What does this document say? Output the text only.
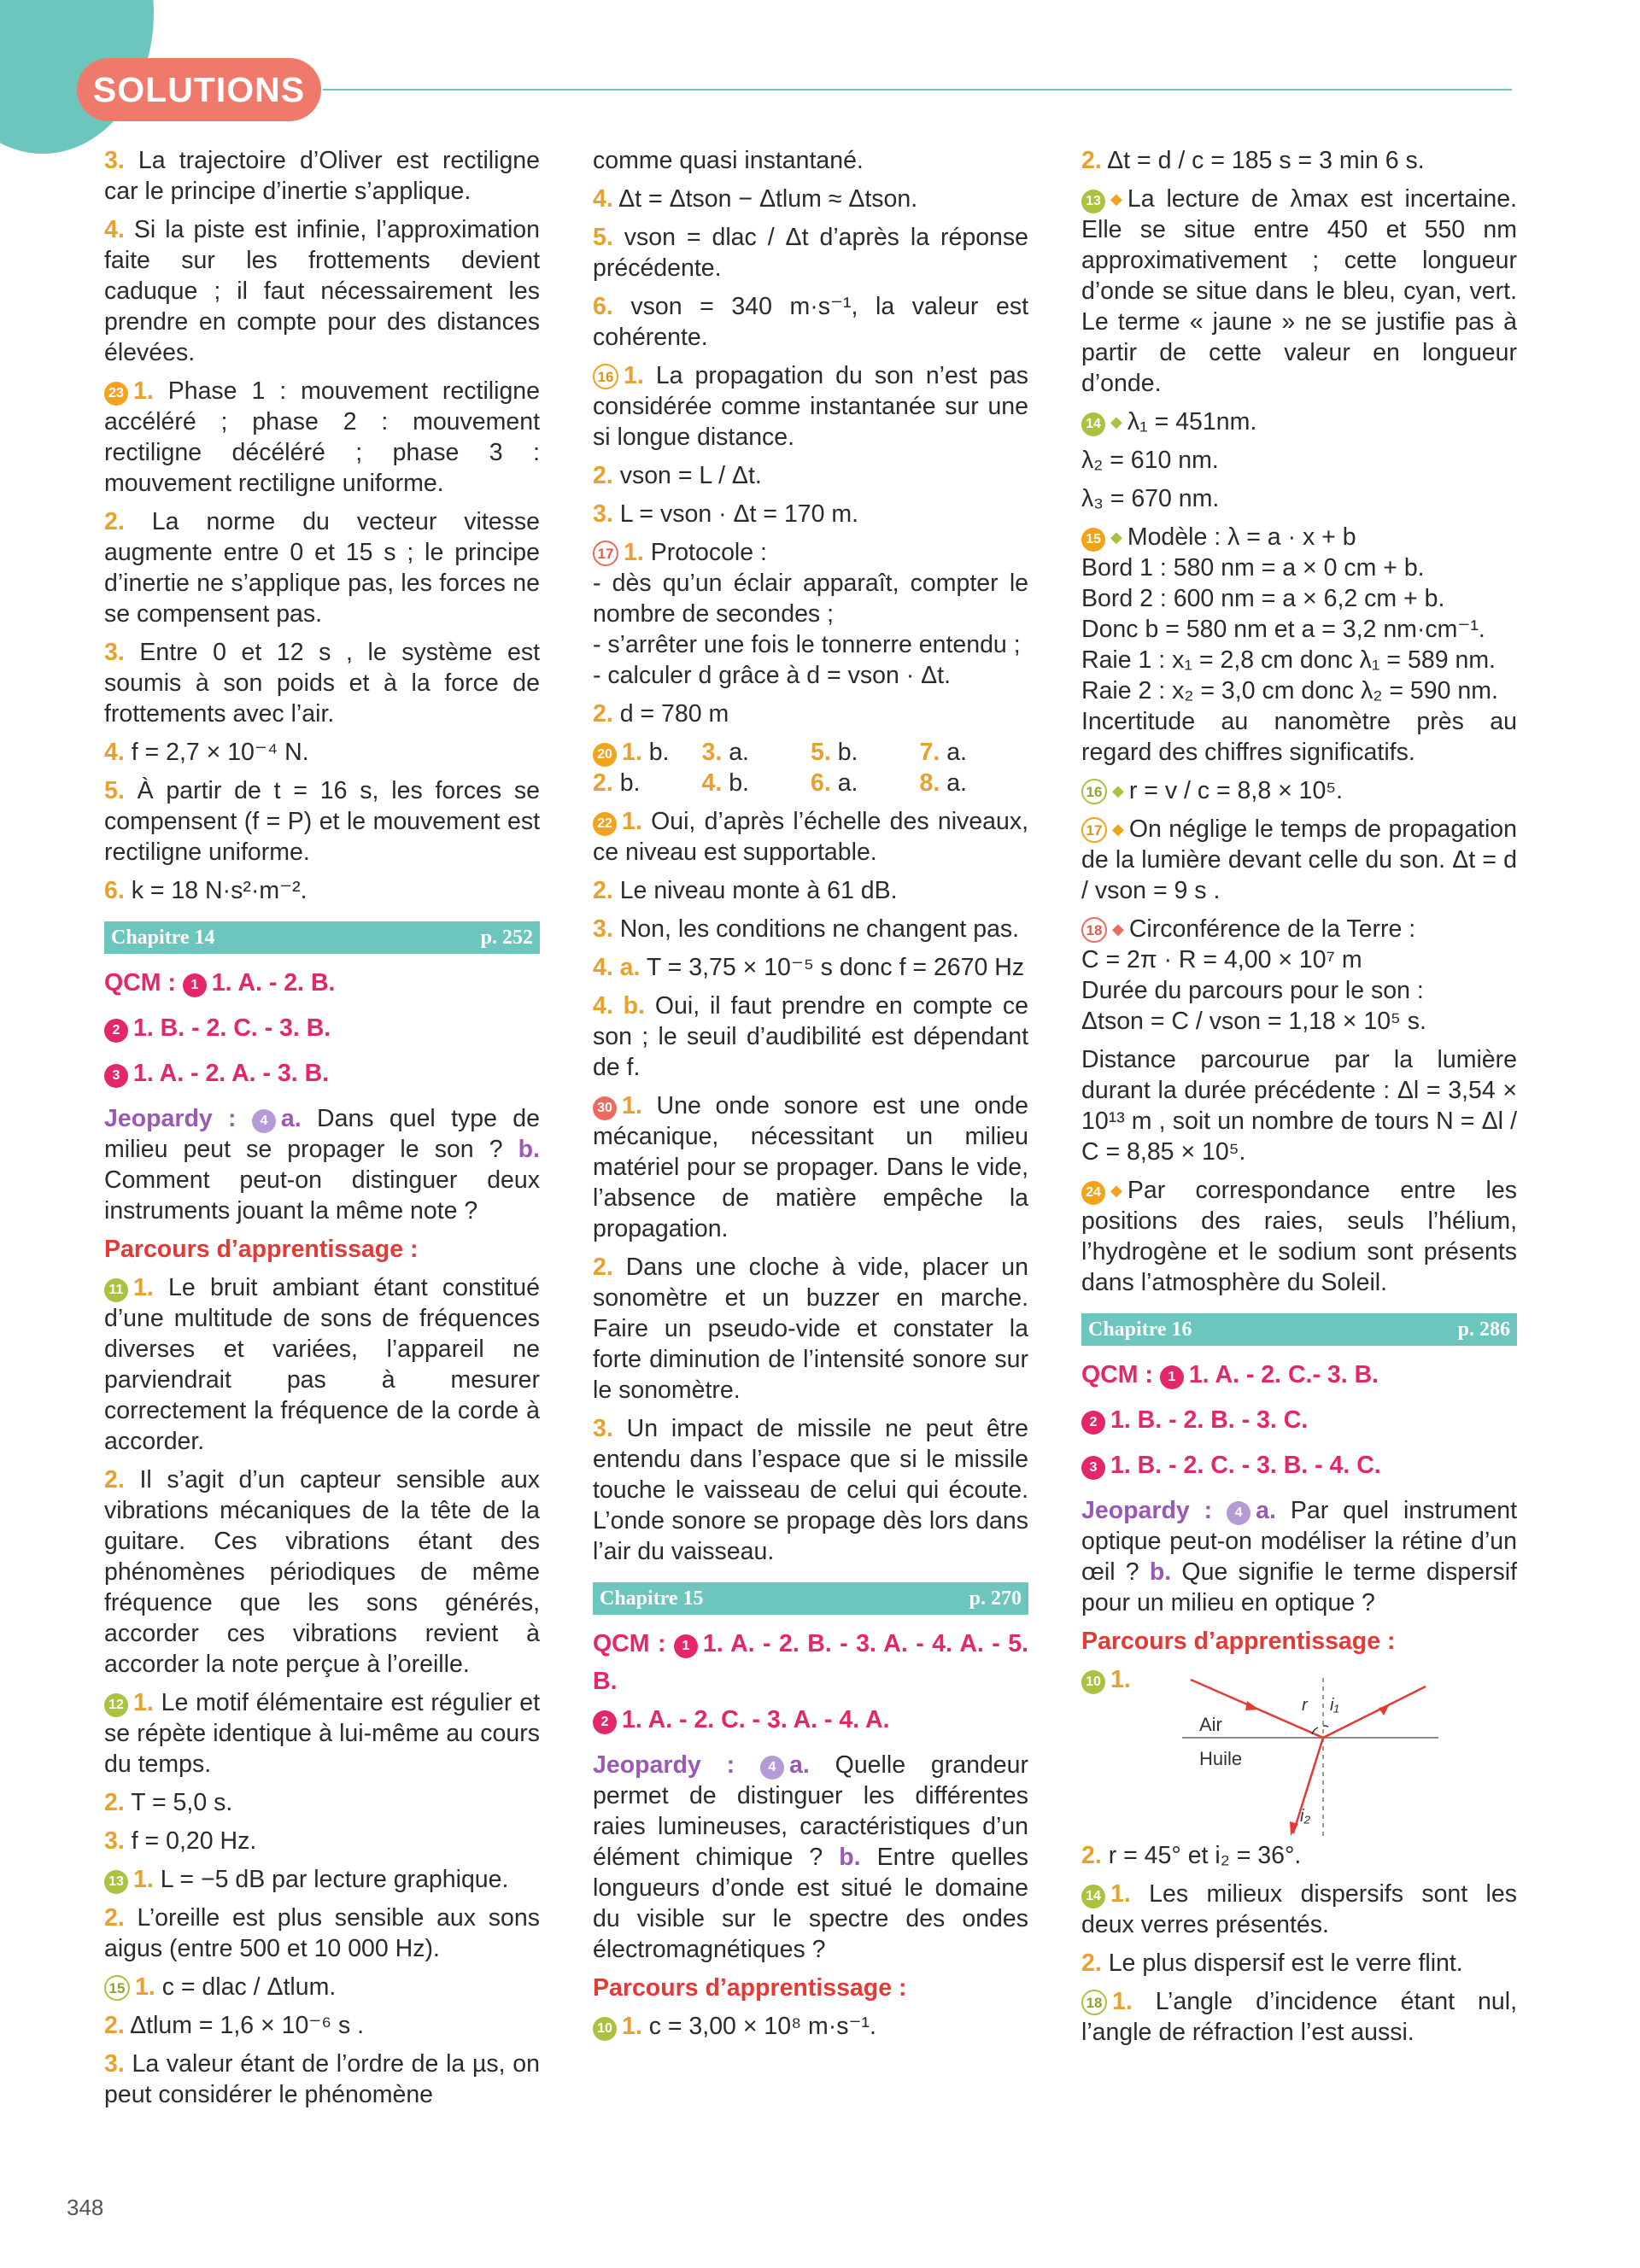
SOLUTIONS

3. La trajectoire d’Oliver est rectiligne car le principe d’inertie s’applique.

4. Si la piste est infinie, l’approximation faite sur les frottements devient caduque ; il faut nécessairement les prendre en compte pour des distances élevées.

23 1. Phase 1 : mouvement rectiligne accéléré ; phase 2 : mouvement rectiligne décéléré ; phase 3 : mouvement rectiligne uniforme.

2. La norme du vecteur vitesse augmente entre 0 et 15 s ; le principe d’inertie ne s’applique pas, les forces ne se compensent pas.

3. Entre 0 et 12 s , le système est soumis à son poids et à la force de frottements avec l’air.

4. f = 2,7 × 10⁻⁴ N.

5. À partir de t = 16 s, les forces se compensent (f = P) et le mouvement est rectiligne uniforme.

6. k = 18 N·s²·m⁻².

Chapitre 14	p. 252

QCM : 1 1. A. - 2. B.

2 1. B. - 2. C. - 3. B.

3 1. A. - 2. A. - 3. B.

Jeopardy : 4 a. Dans quel type de milieu peut se propager le son ? b. Comment peut-on distinguer deux instruments jouant la même note ?

Parcours d’apprentissage :

11 1. Le bruit ambiant étant constitué d’une multitude de sons de fréquences diverses et variées, l’appareil ne parviendrait pas à mesurer correctement la fréquence de la corde à accorder.

2. Il s’agit d’un capteur sensible aux vibrations mécaniques de la tête de la guitare. Ces vibrations étant des phénomènes périodiques de même fréquence que les sons générés, accorder ces vibrations revient à accorder la note perçue à l’oreille.

12 1. Le motif élémentaire est régulier et se répète identique à lui-même au cours du temps.

2. T = 5,0 s.

3. f = 0,20 Hz.

13 1. L = −5 dB par lecture graphique.

2. L’oreille est plus sensible aux sons aigus (entre 500 et 10 000 Hz).

15 1. c = dlac / Δtlum.

2. Δtlum = 1,6 × 10⁻⁶ s .

3. La valeur étant de l’ordre de la µs, on peut considérer le phénomène

comme quasi instantané.

4. Δt = Δtson − Δtlum ≈ Δtson.

5. vson = dlac / Δt d’après la réponse précédente.

6. vson = 340 m·s⁻¹, la valeur est cohérente.

16 1. La propagation du son n’est pas considérée comme instantanée sur une si longue distance.

2. vson = L / Δt.

3. L = vson · Δt = 170 m.

17 1. Protocole :

- dès qu’un éclair apparaît, compter le nombre de secondes ;

- s’arrêter une fois le tonnerre entendu ;

- calculer d grâce à d = vson · Δt.

2. d = 780 m

20 1. b.	3. a.	5. b.	7. a.
2. b.	4. b.	6. a.	8. a.

22 1. Oui, d’après l’échelle des niveaux, ce niveau est supportable.

2. Le niveau monte à 61 dB.

3. Non, les conditions ne changent pas.

4. a. T = 3,75 × 10⁻⁵ s donc f = 2670 Hz

4. b. Oui, il faut prendre en compte ce son ; le seuil d’audibilité est dépendant de f.

30 1. Une onde sonore est une onde mécanique, nécessitant un milieu matériel pour se propager. Dans le vide, l’absence de matière empêche la propagation.

2. Dans une cloche à vide, placer un sonomètre et un buzzer en marche. Faire un pseudo-vide et constater la forte diminution de l’intensité sonore sur le sonomètre.

3. Un impact de missile ne peut être entendu dans l’espace que si le missile touche le vaisseau de celui qui écoute. L’onde sonore se propage dès lors dans l’air du vaisseau.

Chapitre 15	p. 270

QCM : 1 1. A. - 2. B. - 3. A. - 4. A. - 5. B.

2 1. A. - 2. C. - 3. A. - 4. A.

Jeopardy : 4 a. Quelle grandeur permet de distinguer les différentes raies lumineuses, caractéristiques d’un élément chimique ? b. Entre quelles longueurs d’onde est situé le domaine du visible sur le spectre des ondes électromagnétiques ?

Parcours d’apprentissage :

10 1. c = 3,00 × 10⁸ m·s⁻¹.

2. Δt = d / c = 185 s = 3 min 6 s.

13 ◆ La lecture de λmax est incertaine. Elle se situe entre 450 et 550 nm approximativement ; cette longueur d’onde se situe dans le bleu, cyan, vert. Le terme « jaune » ne se justifie pas à partir de cette valeur en longueur d’onde.

14 ◆ λ₁ = 451nm.

λ₂ = 610 nm.

λ₃ = 670 nm.

15 ◆ Modèle : λ = a · x + b

Bord 1 : 580 nm = a × 0 cm + b.

Bord 2 : 600 nm = a × 6,2 cm + b.

Donc b = 580 nm et a = 3,2 nm·cm⁻¹.

Raie 1 : x₁ = 2,8 cm donc λ₁ = 589 nm.

Raie 2 : x₂ = 3,0 cm donc λ₂ = 590 nm.

Incertitude au nanomètre près au regard des chiffres significatifs.

16 ◆ r = v / c = 8,8 × 10⁵.

17 ◆ On néglige le temps de propagation de la lumière devant celle du son. Δt = d / vson = 9 s .

18 ◆ Circonférence de la Terre :

C = 2π · R = 4,00 × 10⁷ m

Durée du parcours pour le son :

Δtson = C / vson = 1,18 × 10⁵ s.

Distance parcourue par la lumière durant la durée précédente : Δl = 3,54 × 10¹³ m , soit un nombre de tours N = Δl / C = 8,85 × 10⁵.

24 ◆ Par correspondance entre les positions des raies, seuls l’hélium, l’hydrogène et le sodium sont présents dans l’atmosphère du Soleil.

Chapitre 16	p. 286

QCM : 1 1. A. - 2. C.- 3. B.

2 1. B. - 2. B. - 3. C.

3 1. B. - 2. C. - 3. B. - 4. C.

Jeopardy : 4 a. Par quel instrument optique peut-on modéliser la rétine d’un œil ? b. Que signifie le terme dispersif pour un milieu en optique ?

Parcours d’apprentissage :

10 1.
Air
Huile
r i₁
i₂

2. r = 45° et i₂ = 36°.

14 1. Les milieux dispersifs sont les deux verres présentés.

2. Le plus dispersif est le verre flint.

18 1. L’angle d’incidence étant nul, l’angle de réfraction l’est aussi.

348
